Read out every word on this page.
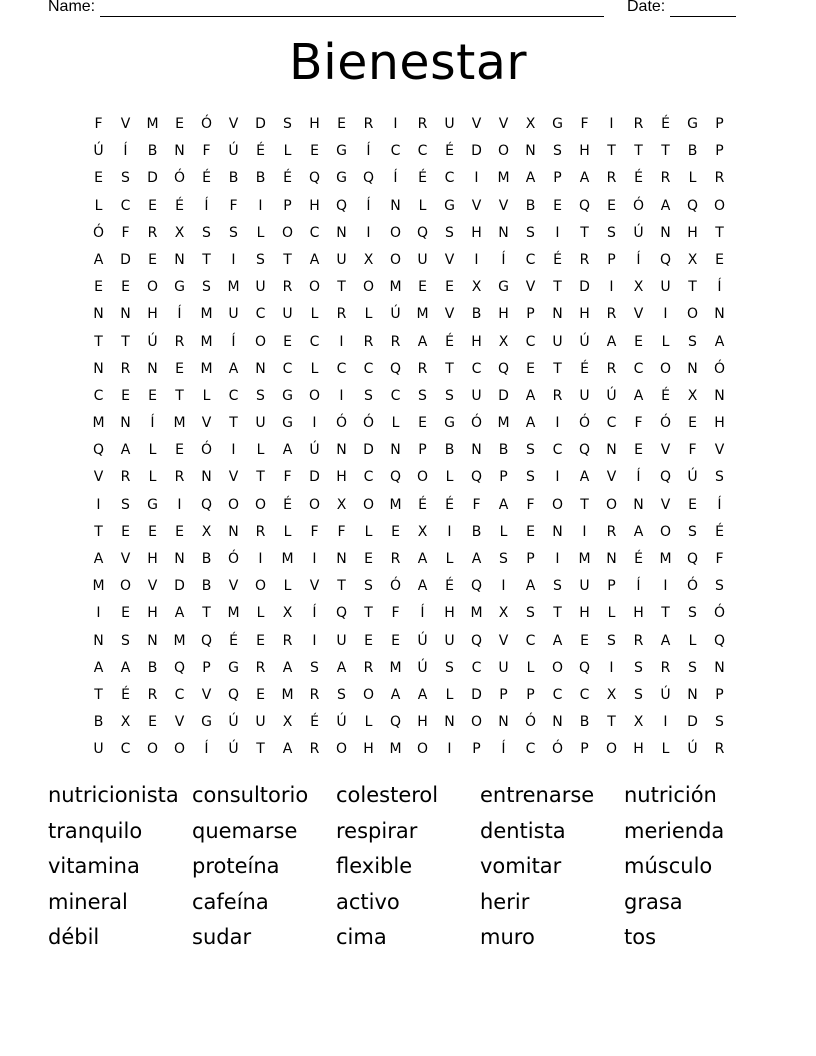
Name:	Date:
Bienestar
F	V	M	E	Ó	V	D	S	H	E	R	I	R	U	V	V	X	G	F	I	R	É	G	P
Ú	Í	B	N	F	Ú	É	L	E	G	Í	C	C	É	D	O	N	S	H	T	T	T	B	P
E	S	D	Ó	É	B	B	É	Q	G	Q	Í	É	C	I	M	A	P	A	R	É	R	L	R
L	C	E	É	Í	F	I	P	H	Q	Í	N	L	G	V	V	B	E	Q	E	Ó	A	Q	O
Ó	F	R	X	S	S	L	O	C	N	I	O	Q	S	H	N	S	I	T	S	Ú	N	H	T
A	D	E	N	T	I	S	T	A	U	X	O	U	V	I	Í	C	É	R	P	Í	Q	X	E
E	E	O	G	S	M	U	R	O	T	O	M	E	E	X	G	V	T	D	I	X	U	T	Í
N	N	H	Í	M	U	C	U	L	R	L	Ú	M	V	B	H	P	N	H	R	V	I	O	N
T	T	Ú	R	M	Í	O	E	C	I	R	R	A	É	H	X	C	U	Ú	A	E	L	S	A
N	R	N	E	M	A	N	C	L	C	C	Q	R	T	C	Q	E	T	É	R	C	O	N	Ó
C	E	E	T	L	C	S	G	O	I	S	C	S	S	U	D	A	R	U	Ú	A	É	X	N
M	N	Í	M	V	T	U	G	I	Ó	Ó	L	E	G	Ó	M	A	I	Ó	C	F	Ó	E	H
Q	A	L	E	Ó	I	L	A	Ú	N	D	N	P	B	N	B	S	C	Q	N	E	V	F	V
V	R	L	R	N	V	T	F	D	H	C	Q	O	L	Q	P	S	I	A	V	Í	Q	Ú	S
I	S	G	I	Q	O	O	É	O	X	O	M	É	É	F	A	F	O	T	O	N	V	E	Í
T	E	E	E	X	N	R	L	F	F	L	E	X	I	B	L	E	N	I	R	A	O	S	É
A	V	H	N	B	Ó	I	M	I	N	E	R	A	L	A	S	P	I	M	N	É	M	Q	F
M	O	V	D	B	V	O	L	V	T	S	Ó	A	É	Q	I	A	S	U	P	Í	I	Ó	S
I	E	H	A	T	M	L	X	Í	Q	T	F	Í	H	M	X	S	T	H	L	H	T	S	Ó
N	S	N	M	Q	É	E	R	I	U	E	E	Ú	U	Q	V	C	A	E	S	R	A	L	Q
A	A	B	Q	P	G	R	A	S	A	R	M	Ú	S	C	U	L	O	Q	I	S	R	S	N
T	É	R	C	V	Q	E	M	R	S	O	A	A	L	D	P	P	C	C	X	S	Ú	N	P
B	X	E	V	G	Ú	U	X	É	Ú	L	Q	H	N	O	N	Ó	N	B	T	X	I	D	S
U	C	O	O	Í	Ú	T	A	R	O	H	M	O	I	P	Í	C	Ó	P	O	H	L	Ú	R
nutricionista consultorio	colesterol	entrenarse	nutrición
tranquilo	quemarse	respirar	dentista	merienda
vitamina	proteína	flexible	vomitar	músculo
mineral	cafeína	activo	herir	grasa
débil	sudar	cima	muro	tos
